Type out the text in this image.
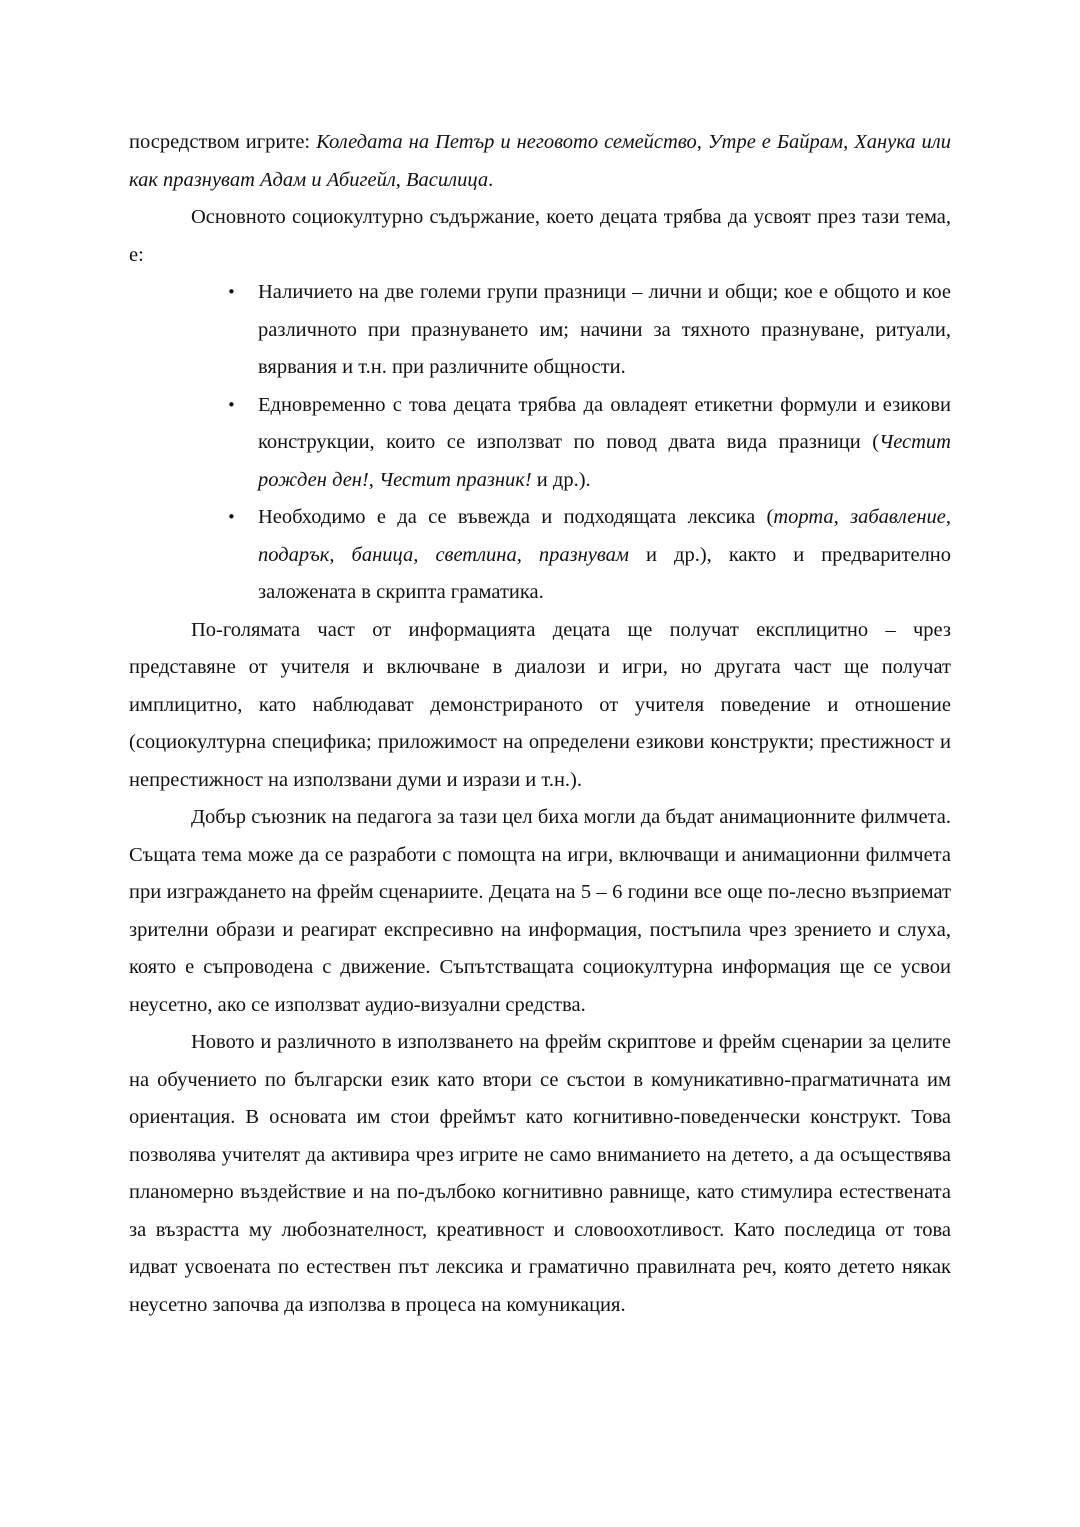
посредством игрите: Коледата на Петър и неговото семейство, Утре е Байрам, Ханука или как празнуват Адам и Абигейл, Василица.

Основното социокултурно съдържание, което децата трябва да усвоят през тази тема, е:

• Наличието на две големи групи празници – лични и общи; кое е общото и кое различното при празнуването им; начини за тяхното празнуване, ритуали, вярвания и т.н. при различните общности.
• Едновременно с това децата трябва да овладеят етикетни формули и езикови конструкции, които се използват по повод двата вида празници (Честит рожден ден!, Честит празник! и др.).
• Необходимо е да се въвежда и подходящата лексика (торта, забавление, подарък, баница, светлина, празнувам и др.), както и предварително заложената в скрипта граматика.

По-голямата част от информацията децата ще получат експлицитно – чрез представяне от учителя и включване в диалози и игри, но другата част ще получат имплицитно, като наблюдават демонстрираното от учителя поведение и отношение (социокултурна специфика; приложимост на определени езикови конструкти; престижност и непрестижност на използвани думи и изрази и т.н.).

Добър съюзник на педагога за тази цел биха могли да бъдат анимационните филмчета. Същата тема може да се разработи с помощта на игри, включващи и анимационни филмчета при изграждането на фрейм сценариите. Децата на 5 – 6 години все още по-лесно възприемат зрителни образи и реагират експресивно на информация, постъпила чрез зрението и слуха, която е съпроводена с движение. Съпътстващата социокултурна информация ще се усвои неусетно, ако се използват аудио-визуални средства.

Новото и различното в използването на фрейм скриптове и фрейм сценарии за целите на обучението по български език като втори се състои в комуникативно-прагматичната им ориентация. В основата им стои фреймът като когнитивно-поведенчески конструкт. Това позволява учителят да активира чрез игрите не само вниманието на детето, а да осъществява планомерно въздействие и на по-дълбоко когнитивно равнище, като стимулира естествената за възрастта му любознателност, креативност и словоохотливост. Като последица от това идват усвоената по естествен път лексика и граматично правилната реч, която детето някак неусетно започва да използва в процеса на комуникация.
